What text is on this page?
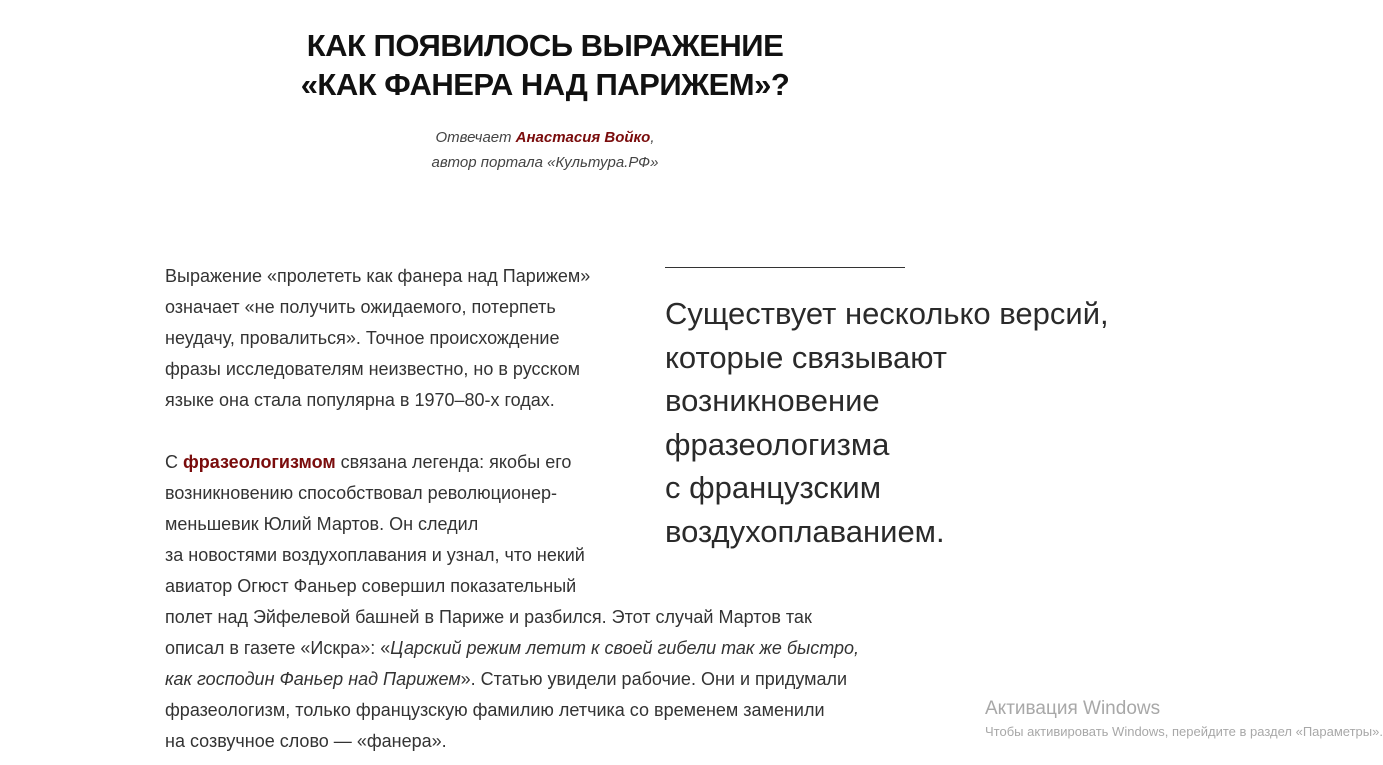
КАК ПОЯВИЛОСЬ ВЫРАЖЕНИЕ
«КАК ФАНЕРА НАД ПАРИЖЕМ»?
Отвечает Анастасия Войко,
автор портала «Культура.РФ»

Выражение «пролететь как фанера над Парижем»
означает «не получить ожидаемого, потерпеть
неудачу, провалиться». Точное происхождение
фразы исследователям неизвестно, но в русском
языке она стала популярна в 1970–80-х годах.

С фразеологизмом связана легенда: якобы его
возникновению способствовал революционер-
меньшевик Юлий Мартов. Он следил
за новостями воздухоплавания и узнал, что некий
авиатор Огюст Фаньер совершил показательный
полет над Эйфелевой башней в Париже и разбился. Этот случай Мартов так
описал в газете «Искра»: «Царский режим летит к своей гибели так же быстро,
как господин Фаньер над Парижем». Статью увидели рабочие. Они и придумали
фразеологизм, только французскую фамилию летчика со временем заменили
на созвучное слово — «фанера».

Существует несколько версий,
которые связывают
возникновение
фразеологизма
с французским
воздухоплаванием.
Активация Windows
Чтобы активировать Windows, перейдите в раздел «Параметры».
